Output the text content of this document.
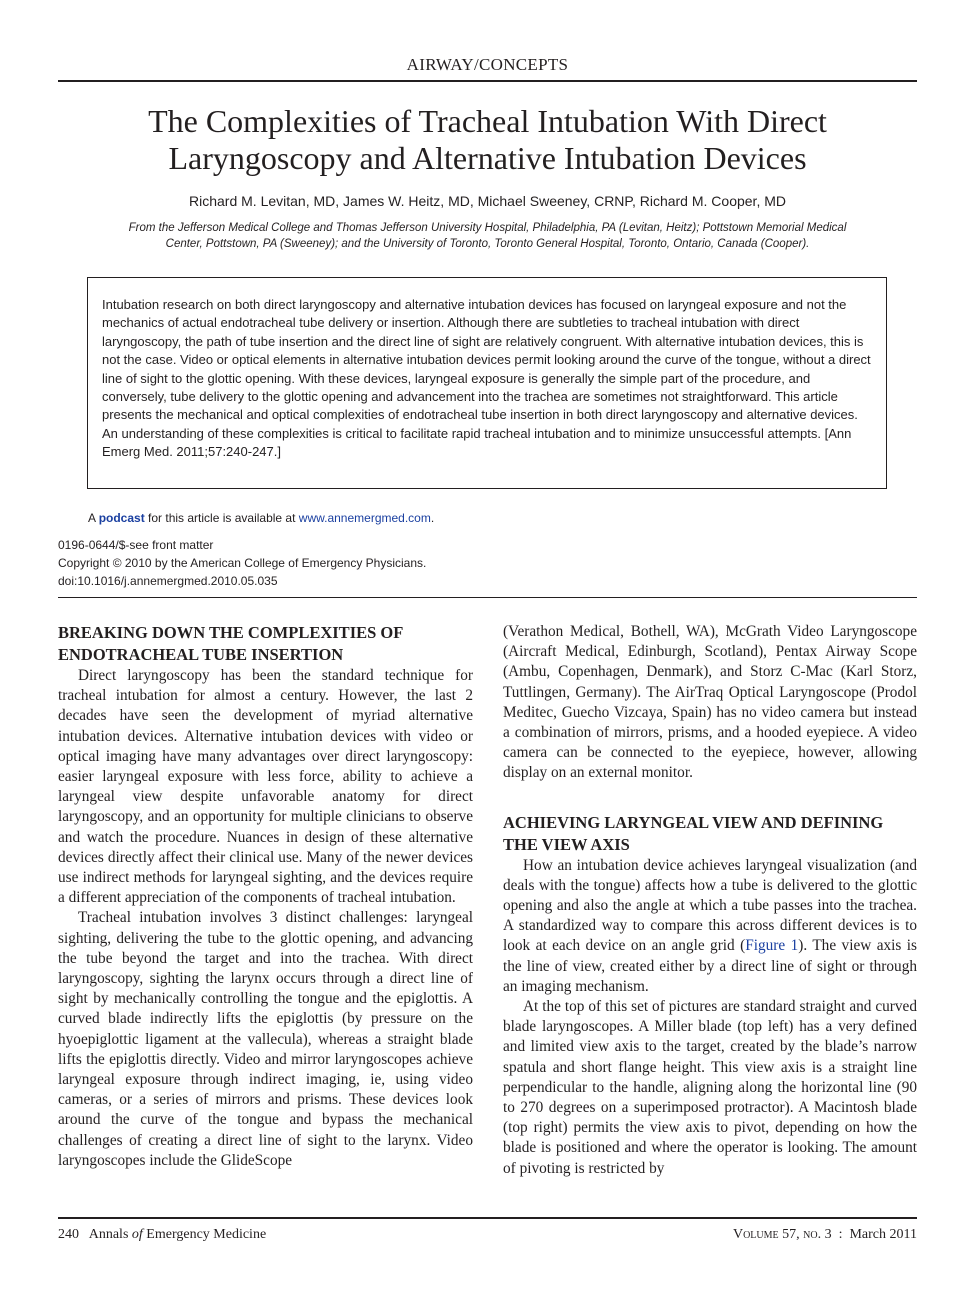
AIRWAY/CONCEPTS
The Complexities of Tracheal Intubation With Direct
Laryngoscopy and Alternative Intubation Devices
Richard M. Levitan, MD, James W. Heitz, MD, Michael Sweeney, CRNP, Richard M. Cooper, MD
From the Jefferson Medical College and Thomas Jefferson University Hospital, Philadelphia, PA (Levitan, Heitz); Pottstown Memorial Medical
Center, Pottstown, PA (Sweeney); and the University of Toronto, Toronto General Hospital, Toronto, Ontario, Canada (Cooper).
Intubation research on both direct laryngoscopy and alternative intubation devices has focused on laryngeal exposure and not the mechanics of actual endotracheal tube delivery or insertion. Although there are subtleties to tracheal intubation with direct laryngoscopy, the path of tube insertion and the direct line of sight are relatively congruent. With alternative intubation devices, this is not the case. Video or optical elements in alternative intubation devices permit looking around the curve of the tongue, without a direct line of sight to the glottic opening. With these devices, laryngeal exposure is generally the simple part of the procedure, and conversely, tube delivery to the glottic opening and advancement into the trachea are sometimes not straightforward. This article presents the mechanical and optical complexities of endotracheal tube insertion in both direct laryngoscopy and alternative devices. An understanding of these complexities is critical to facilitate rapid tracheal intubation and to minimize unsuccessful attempts. [Ann Emerg Med. 2011;57:240-247.]
A podcast for this article is available at www.annemergmed.com.
0196-0644/$-see front matter
Copyright © 2010 by the American College of Emergency Physicians.
doi:10.1016/j.annemergmed.2010.05.035

BREAKING DOWN THE COMPLEXITIES OF ENDOTRACHEAL TUBE INSERTION

Direct laryngoscopy has been the standard technique for tracheal intubation for almost a century. However, the last 2 decades have seen the development of myriad alternative intubation devices. Alternative intubation devices with video or optical imaging have many advantages over direct laryngoscopy: easier laryngeal exposure with less force, ability to achieve a laryngeal view despite unfavorable anatomy for direct laryngoscopy, and an opportunity for multiple clinicians to observe and watch the procedure. Nuances in design of these alternative devices directly affect their clinical use. Many of the newer devices use indirect methods for laryngeal sighting, and the devices require a different appreciation of the components of tracheal intubation.

Tracheal intubation involves 3 distinct challenges: laryngeal sighting, delivering the tube to the glottic opening, and advancing the tube beyond the target and into the trachea. With direct laryngoscopy, sighting the larynx occurs through a direct line of sight by mechanically controlling the tongue and the epiglottis. A curved blade indirectly lifts the epiglottis (by pressure on the hyoepiglottic ligament at the vallecula), whereas a straight blade lifts the epiglottis directly. Video and mirror laryngoscopes achieve laryngeal exposure through indirect imaging, ie, using video cameras, or a series of mirrors and prisms. These devices look around the curve of the tongue and bypass the mechanical challenges of creating a direct line of sight to the larynx. Video laryngoscopes include the GlideScope

(Verathon Medical, Bothell, WA), McGrath Video Laryngoscope (Aircraft Medical, Edinburgh, Scotland), Pentax Airway Scope (Ambu, Copenhagen, Denmark), and Storz C-Mac (Karl Storz, Tuttlingen, Germany). The AirTraq Optical Laryngoscope (Prodol Meditec, Guecho Vizcaya, Spain) has no video camera but instead a combination of mirrors, prisms, and a hooded eyepiece. A video camera can be connected to the eyepiece, however, allowing display on an external monitor.

ACHIEVING LARYNGEAL VIEW AND DEFINING THE VIEW AXIS

How an intubation device achieves laryngeal visualization (and deals with the tongue) affects how a tube is delivered to the glottic opening and also the angle at which a tube passes into the trachea. A standardized way to compare this across different devices is to look at each device on an angle grid (Figure 1). The view axis is the line of view, created either by a direct line of sight or through an imaging mechanism.

At the top of this set of pictures are standard straight and curved blade laryngoscopes. A Miller blade (top left) has a very defined and limited view axis to the target, created by the blade’s narrow spatula and short flange height. This view axis is a straight line perpendicular to the handle, aligning along the horizontal line (90 to 270 degrees on a superimposed protractor). A Macintosh blade (top right) permits the view axis to pivot, depending on how the blade is positioned and where the operator is looking. The amount of pivoting is restricted by

240 Annals of Emergency Medicine	Volume 57, no. 3 : March 2011
